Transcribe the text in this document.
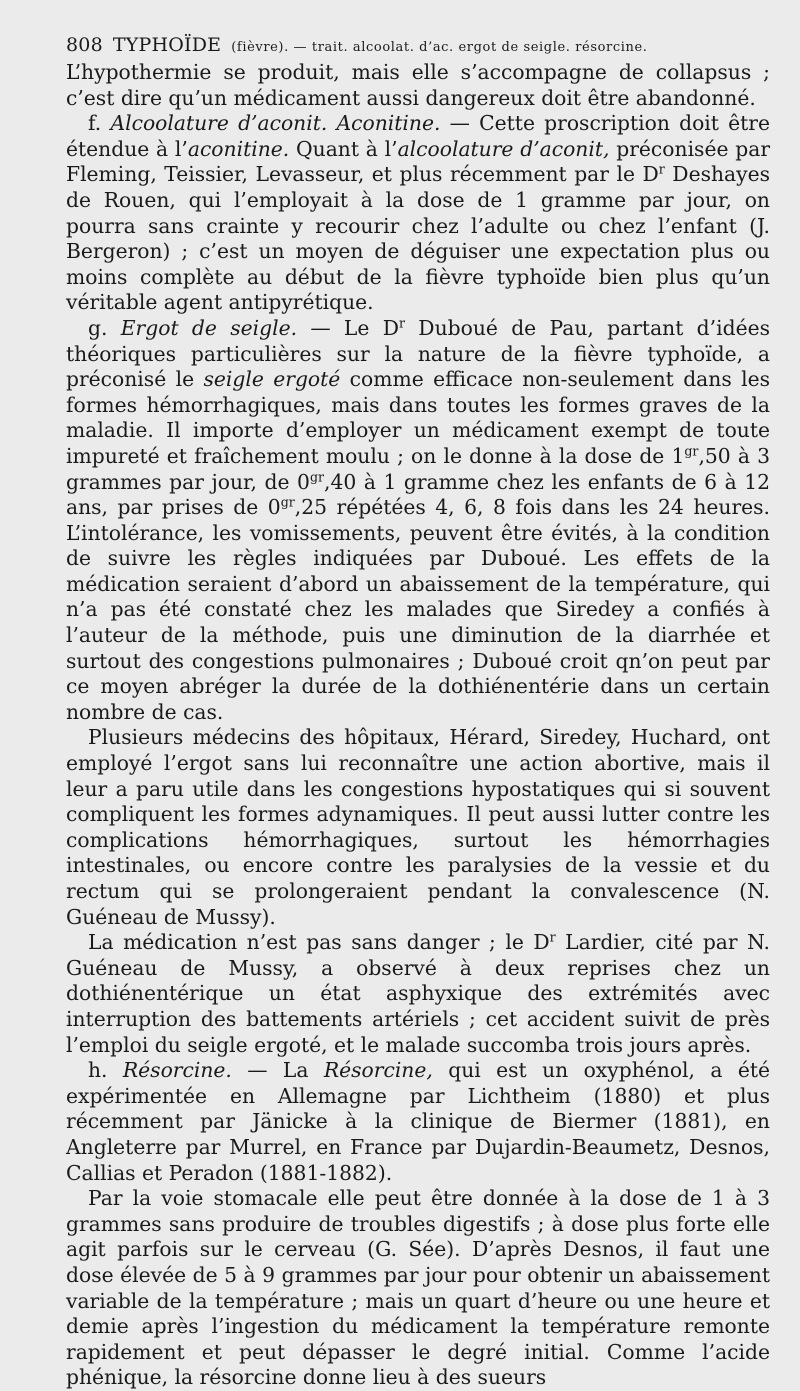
808 TYPHOÏDE (fièvre). — trait. alcoolat. d’ac. ergot de seigle. résorcine.

L’hypothermie se produit, mais elle s’accompagne de collapsus ; c’est dire qu’un médicament aussi dangereux doit être abandonné.

f. Alcoolature d’aconit. Aconitine. — Cette proscription doit être étendue à l’aconitine. Quant à l’alcoolature d’aconit, préconisée par Fleming, Teissier, Levasseur, et plus récemment par le $D^r$ Deshayes de Rouen, qui l’employait à la dose de 1 gramme par jour, on pourra sans crainte y recourir chez l’adulte ou chez l’enfant (J. Bergeron) ; c’est un moyen de déguiser une expectation plus ou moins complète au début de la fièvre typhoïde bien plus qu’un véritable agent antipyrétique.

g. Ergot de seigle. — Le $D^r$ Duboué de Pau, partant d’idées théoriques particulières sur la nature de la fièvre typhoïde, a préconisé le seigle ergoté comme efficace non-seulement dans les formes hémorrhagiques, mais dans toutes les formes graves de la maladie. Il importe d’employer un médicament exempt de toute impureté et fraîchement moulu ; on le donne à la dose de $1^{gr},50$ à 3 grammes par jour, de $0^{gr},40$ à 1 gramme chez les enfants de 6 à 12 ans, par prises de $0^{gr},25$ répétées 4, 6, 8 fois dans les 24 heures. L’intolérance, les vomissements, peuvent être évités, à la condition de suivre les règles indiquées par Duboué. Les effets de la médication seraient d’abord un abaissement de la température, qui n’a pas été constaté chez les malades que Siredey a confiés à l’auteur de la méthode, puis une diminution de la diarrhée et surtout des congestions pulmonaires ; Duboué croit qn’on peut par ce moyen abréger la durée de la dothiénentérie dans un certain nombre de cas.

Plusieurs médecins des hôpitaux, Hérard, Siredey, Huchard, ont employé l’ergot sans lui reconnaître une action abortive, mais il leur a paru utile dans les congestions hypostatiques qui si souvent compliquent les formes adynamiques. Il peut aussi lutter contre les complications hémorrhagiques, surtout les hémorrhagies intestinales, ou encore contre les paralysies de la vessie et du rectum qui se prolongeraient pendant la convalescence (N. Guéneau de Mussy).

La médication n’est pas sans danger ; le $D^r$ Lardier, cité par N. Guéneau de Mussy, a observé à deux reprises chez un dothiénentérique un état asphyxique des extrémités avec interruption des battements artériels ; cet accident suivit de près l’emploi du seigle ergoté, et le malade succomba trois jours après.

h. Résorcine. — La Résorcine, qui est un oxyphénol, a été expérimentée en Allemagne par Lichtheim (1880) et plus récemment par Jänicke à la clinique de Biermer (1881), en Angleterre par Murrel, en France par Dujardin-Beaumetz, Desnos, Callias et Peradon (1881-1882).

Par la voie stomacale elle peut être donnée à la dose de 1 à 3 grammes sans produire de troubles digestifs ; à dose plus forte elle agit parfois sur le cerveau (G. Sée). D’après Desnos, il faut une dose élevée de 5 à 9 grammes par jour pour obtenir un abaissement variable de la température ; mais un quart d’heure ou une heure et demie après l’ingestion du médicament la température remonte rapidement et peut dépasser le degré initial. Comme l’acide phénique, la résorcine donne lieu à des sueurs
